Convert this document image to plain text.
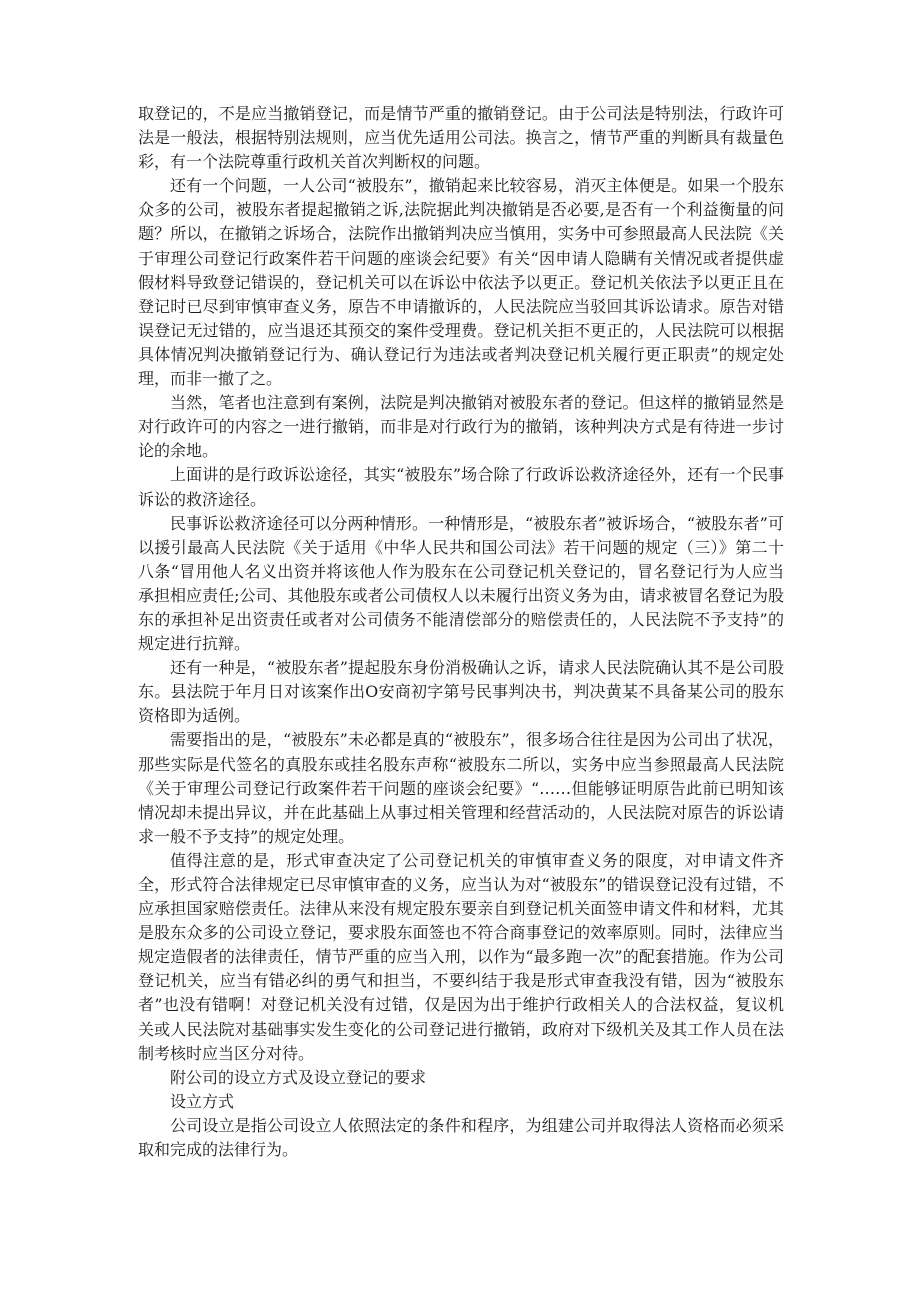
取登记的，不是应当撤销登记，而是情节严重的撤销登记。由于公司法是特别法，行政许可法是一般法，根据特别法规则，应当优先适用公司法。换言之，情节严重的判断具有裁量色彩，有一个法院尊重行政机关首次判断权的问题。

还有一个问题，一人公司“被股东”，撤销起来比较容易，消灭主体便是。如果一个股东众多的公司，被股东者提起撤销之诉,法院据此判决撤销是否必要,是否有一个利益衡量的问题？所以，在撤销之诉场合，法院作出撤销判决应当慎用，实务中可参照最高人民法院《关于审理公司登记行政案件若干问题的座谈会纪要》有关“因申请人隐瞒有关情况或者提供虚假材料导致登记错误的，登记机关可以在诉讼中依法予以更正。登记机关依法予以更正且在登记时已尽到审慎审查义务，原告不申请撤诉的，人民法院应当驳回其诉讼请求。原告对错误登记无过错的，应当退还其预交的案件受理费。登记机关拒不更正的，人民法院可以根据具体情况判决撤销登记行为、确认登记行为违法或者判决登记机关履行更正职责”的规定处理，而非一撤了之。

当然，笔者也注意到有案例，法院是判决撤销对被股东者的登记。但这样的撤销显然是对行政许可的内容之一进行撤销，而非是对行政行为的撤销，该种判决方式是有待进一步讨论的余地。

上面讲的是行政诉讼途径，其实“被股东”场合除了行政诉讼救济途径外，还有一个民事诉讼的救济途径。

民事诉讼救济途径可以分两种情形。一种情形是，“被股东者”被诉场合，“被股东者”可以援引最高人民法院《关于适用《中华人民共和国公司法》若干问题的规定（三）》第二十八条“冒用他人名义出资并将该他人作为股东在公司登记机关登记的，冒名登记行为人应当承担相应责任;公司、其他股东或者公司债权人以未履行出资义务为由，请求被冒名登记为股东的承担补足出资责任或者对公司债务不能清偿部分的赔偿责任的，人民法院不予支持”的规定进行抗辩。

还有一种是，“被股东者”提起股东身份消极确认之诉，请求人民法院确认其不是公司股东。县法院于年月日对该案作出O安商初字第号民事判决书，判决黄某不具备某公司的股东资格即为适例。

需要指出的是，“被股东”未必都是真的“被股东”，很多场合往往是因为公司出了状况，那些实际是代签名的真股东或挂名股东声称“被股东二所以，实务中应当参照最高人民法院《关于审理公司登记行政案件若干问题的座谈会纪要》“……但能够证明原告此前已明知该情况却未提出异议，并在此基础上从事过相关管理和经营活动的，人民法院对原告的诉讼请求一般不予支持”的规定处理。

值得注意的是，形式审查决定了公司登记机关的审慎审查义务的限度，对申请文件齐全，形式符合法律规定已尽审慎审查的义务，应当认为对“被股东”的错误登记没有过错，不应承担国家赔偿责任。法律从来没有规定股东要亲自到登记机关面签申请文件和材料，尤其是股东众多的公司设立登记，要求股东面签也不符合商事登记的效率原则。同时，法律应当规定造假者的法律责任，情节严重的应当入刑，以作为“最多跑一次”的配套措施。作为公司登记机关，应当有错必纠的勇气和担当，不要纠结于我是形式审查我没有错，因为“被股东者”也没有错啊！对登记机关没有过错，仅是因为出于维护行政相关人的合法权益，复议机关或人民法院对基础事实发生变化的公司登记进行撤销，政府对下级机关及其工作人员在法制考核时应当区分对待。

附公司的设立方式及设立登记的要求

设立方式

公司设立是指公司设立人依照法定的条件和程序，为组建公司并取得法人资格而必须采取和完成的法律行为。
